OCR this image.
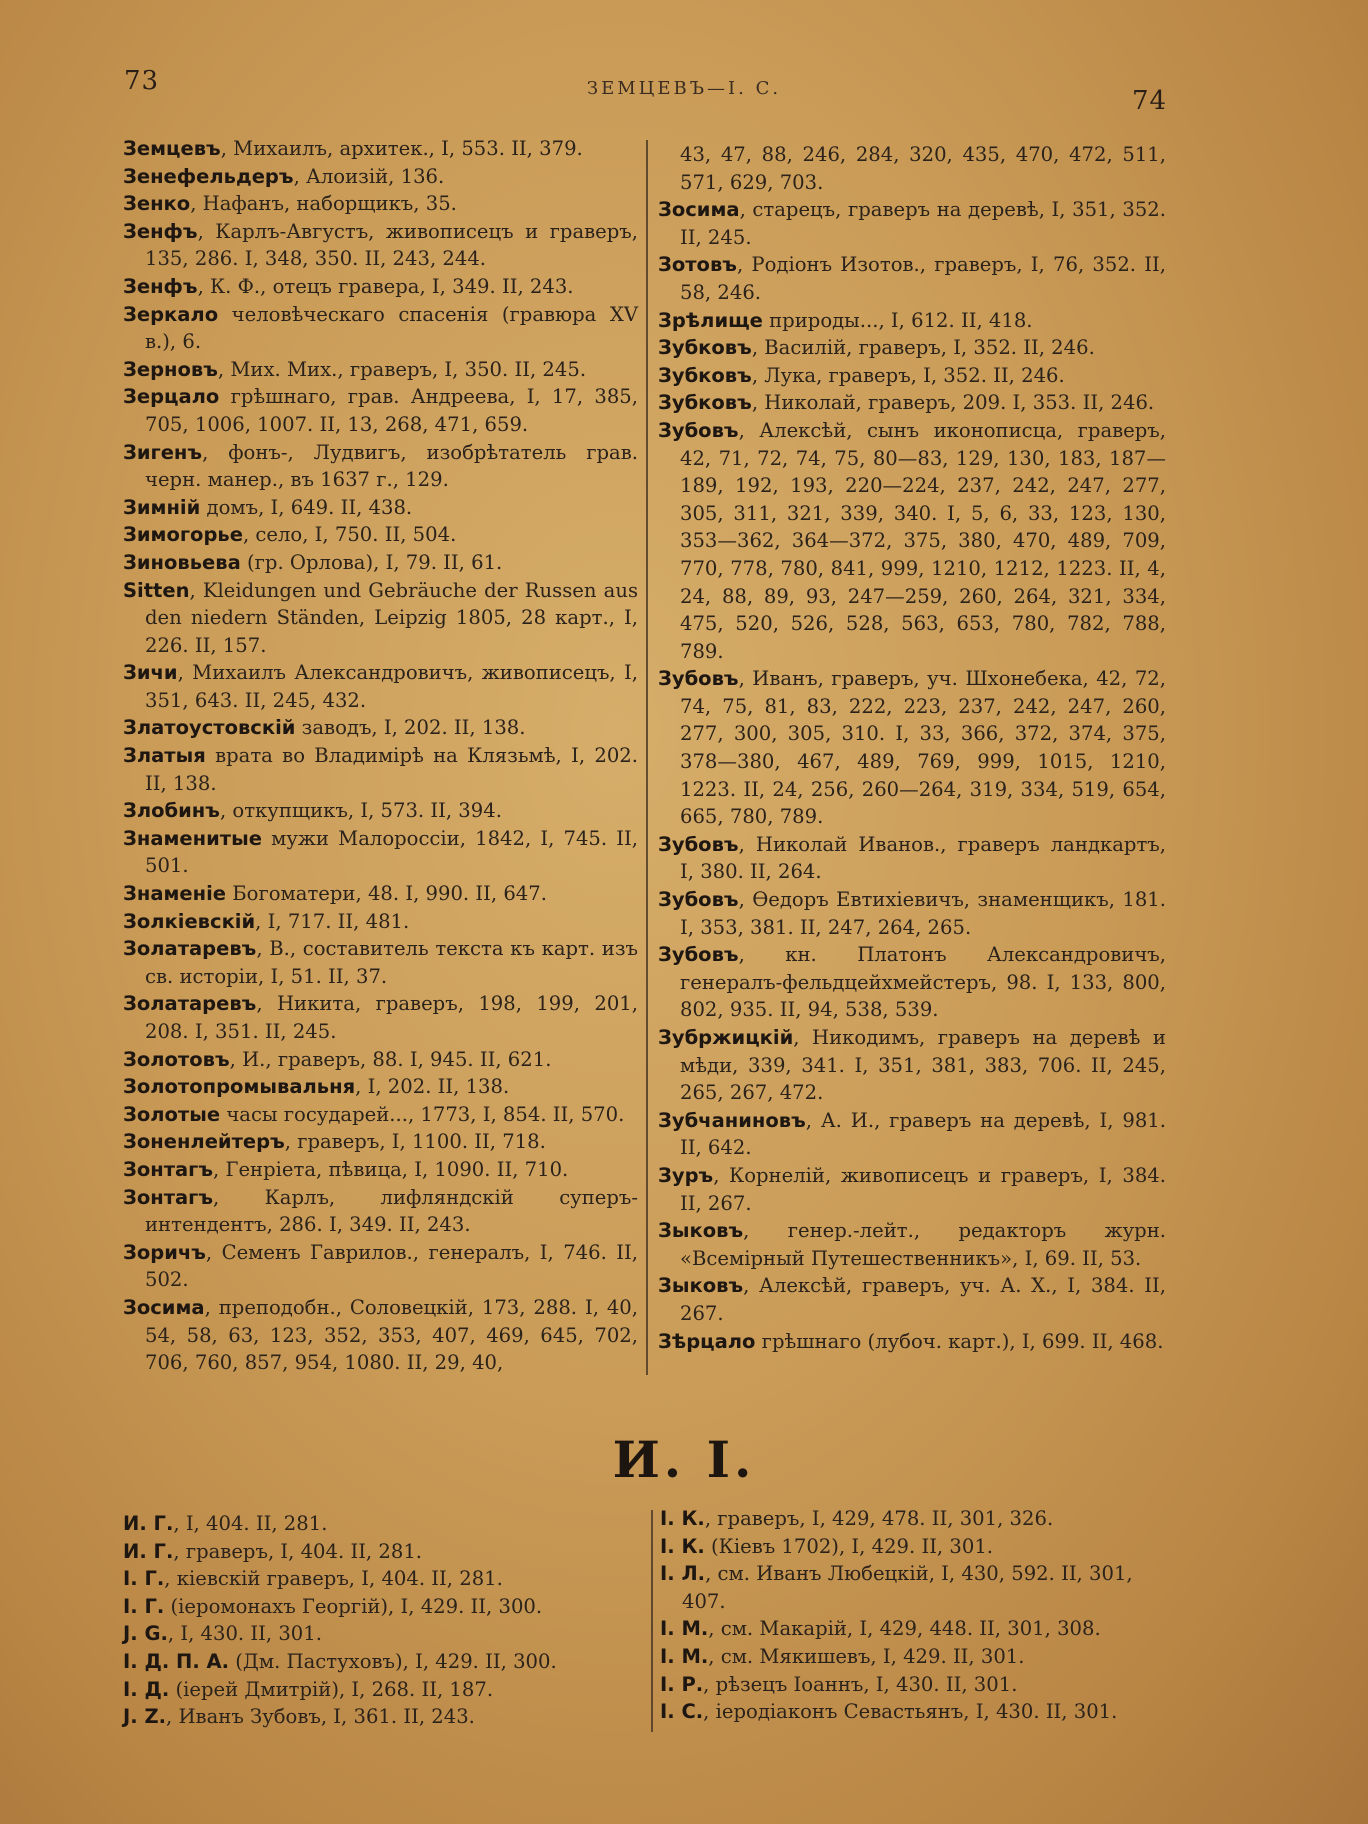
73	ЗЕМЦЕВЪ—І. С.	74

Земцевъ, Михаилъ, архитек., I, 553. II, 379.

Зенефельдеръ, Алоизій, 136.

Зенко, Нафанъ, наборщикъ, 35.

Зенфъ, Карлъ-Августъ, живописецъ и граверъ, 135, 286. I, 348, 350. II, 243, 244.

Зенфъ, К. Ф., отецъ гравера, I, 349. II, 243.

Зеркало человѣческаго спасенія (гравюра XV в.), 6.

Зерновъ, Мих. Мих., граверъ, I, 350. II, 245.

Зерцало грѣшнаго, грав. Андреева, I, 17, 385, 705, 1006, 1007. II, 13, 268, 471, 659.

Зигенъ, фонъ-, Лудвигъ, изобрѣтатель грав. черн. манер., въ 1637 г., 129.

Зимній домъ, I, 649. II, 438.

Зимогорье, село, I, 750. II, 504.

Зиновьева (гр. Орлова), I, 79. II, 61.

Sitten, Kleidungen und Gebräuche der Russen aus den niedern Ständen, Leipzig 1805, 28 карт., I, 226. II, 157.

Зичи, Михаилъ Александровичъ, живописецъ, I, 351, 643. II, 245, 432.

Златоустовскій заводъ, I, 202. II, 138.

Златыя врата во Владимірѣ на Клязьмѣ, I, 202. II, 138.

Злобинъ, откупщикъ, I, 573. II, 394.

Знаменитые мужи Малороссіи, 1842, I, 745. II, 501.

Знаменіе Богоматери, 48. I, 990. II, 647.

Золкіевскій, I, 717. II, 481.

Золатаревъ, В., составитель текста къ карт. изъ св. исторіи, I, 51. II, 37.

Золатаревъ, Никита, граверъ, 198, 199, 201, 208. I, 351. II, 245.

Золотовъ, И., граверъ, 88. I, 945. II, 621.

Золотопромывальня, I, 202. II, 138.

Золотые часы государей..., 1773, I, 854. II, 570.

Зоненлейтеръ, граверъ, I, 1100. II, 718.

Зонтагъ, Генріета, пѣвица, I, 1090. II, 710.

Зонтагъ, Карлъ, лифляндскій суперъ-интендентъ, 286. I, 349. II, 243.

Зоричъ, Семенъ Гаврилов., генералъ, I, 746. II, 502.

Зосима, преподобн., Соловецкій, 173, 288. I, 40, 54, 58, 63, 123, 352, 353, 407, 469, 645, 702, 706, 760, 857, 954, 1080. II, 29, 40,

43, 47, 88, 246, 284, 320, 435, 470, 472, 511, 571, 629, 703.

Зосима, старецъ, граверъ на деревѣ, I, 351, 352. II, 245.

Зотовъ, Родіонъ Изотов., граверъ, I, 76, 352. II, 58, 246.

Зрѣлище природы..., I, 612. II, 418.

Зубковъ, Василій, граверъ, I, 352. II, 246.

Зубковъ, Лука, граверъ, I, 352. II, 246.

Зубковъ, Николай, граверъ, 209. I, 353. II, 246.

Зубовъ, Алексѣй, сынъ иконописца, граверъ, 42, 71, 72, 74, 75, 80—83, 129, 130, 183, 187—189, 192, 193, 220—224, 237, 242, 247, 277, 305, 311, 321, 339, 340. I, 5, 6, 33, 123, 130, 353—362, 364—372, 375, 380, 470, 489, 709, 770, 778, 780, 841, 999, 1210, 1212, 1223. II, 4, 24, 88, 89, 93, 247—259, 260, 264, 321, 334, 475, 520, 526, 528, 563, 653, 780, 782, 788, 789.

Зубовъ, Иванъ, граверъ, уч. Шхонебека, 42, 72, 74, 75, 81, 83, 222, 223, 237, 242, 247, 260, 277, 300, 305, 310. I, 33, 366, 372, 374, 375, 378—380, 467, 489, 769, 999, 1015, 1210, 1223. II, 24, 256, 260—264, 319, 334, 519, 654, 665, 780, 789.

Зубовъ, Николай Иванов., граверъ ландкартъ, I, 380. II, 264.

Зубовъ, Ѳедоръ Евтихіевичъ, знаменщикъ, 181. I, 353, 381. II, 247, 264, 265.

Зубовъ, кн. Платонъ Александровичъ, генералъ-фельдцейхмейстеръ, 98. I, 133, 800, 802, 935. II, 94, 538, 539.

Зубржицкій, Никодимъ, граверъ на деревѣ и мѣди, 339, 341. I, 351, 381, 383, 706. II, 245, 265, 267, 472.

Зубчаниновъ, А. И., граверъ на деревѣ, I, 981. II, 642.

Зуръ, Корнелій, живописецъ и граверъ, I, 384. II, 267.

Зыковъ, генер.-лейт., редакторъ журн. «Всемірный Путешественникъ», I, 69. II, 53.

Зыковъ, Алексѣй, граверъ, уч. А. Х., I, 384. II, 267.

Зѣрцало грѣшнаго (лубоч. карт.), I, 699. II, 468.

И. І.

И. Г., I, 404. II, 281.

И. Г., граверъ, I, 404. II, 281.

І. Г., кіевскій граверъ, I, 404. II, 281.

І. Г. (іеромонахъ Георгій), I, 429. II, 300.

J. G., I, 430. II, 301.

І. Д. П. А. (Дм. Пастуховъ), I, 429. II, 300.

І. Д. (іерей Дмитрій), I, 268. II, 187.

J. Z., Иванъ Зубовъ, I, 361. II, 243.

І. К., граверъ, I, 429, 478. II, 301, 326.

І. К. (Кіевъ 1702), I, 429. II, 301.

І. Л., см. Иванъ Любецкій, I, 430, 592. II, 301, 407.

І. М., см. Макарій, I, 429, 448. II, 301, 308.

І. М., см. Мякишевъ, I, 429. II, 301.

І. Р., рѣзецъ Іоаннъ, I, 430. II, 301.

І. С., іеродіаконъ Севастьянъ, I, 430. II, 301.
